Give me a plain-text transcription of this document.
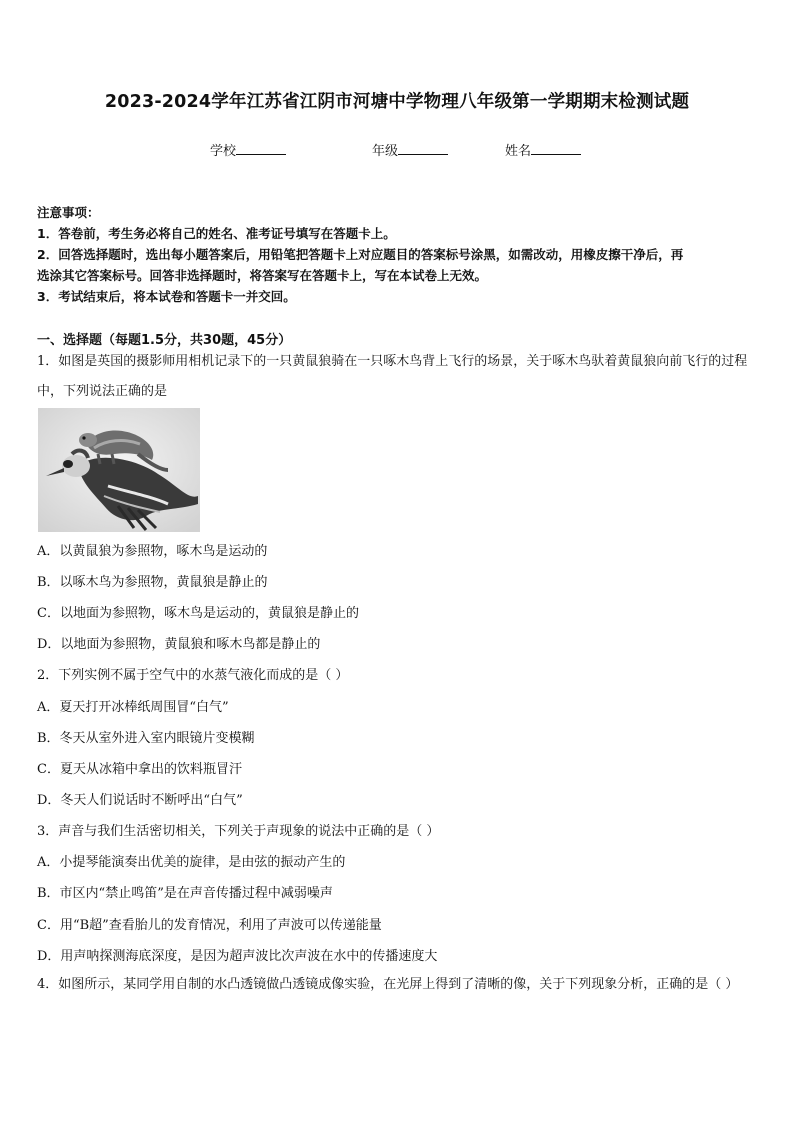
2023-2024学年江苏省江阴市河塘中学物理八年级第一学期期末检测试题
学校	年级	姓名
注意事项：
1．答卷前，考生务必将自己的姓名、准考证号填写在答题卡上。
2．回答选择题时，选出每小题答案后，用铅笔把答题卡上对应题目的答案标号涂黑，如需改动，用橡皮擦干净后，再
选涂其它答案标号。回答非选择题时，将答案写在答题卡上，写在本试卷上无效。
3．考试结束后，将本试卷和答题卡一并交回。
一、选择题（每题1.5分，共30题，45分）
1．如图是英国的摄影师用相机记录下的一只黄鼠狼骑在一只啄木鸟背上飞行的场景，关于啄木鸟驮着黄鼠狼向前飞行的过程中，下列说法正确的是
A．以黄鼠狼为参照物，啄木鸟是运动的
B．以啄木鸟为参照物，黄鼠狼是静止的
C．以地面为参照物，啄木鸟是运动的，黄鼠狼是静止的
D．以地面为参照物，黄鼠狼和啄木鸟都是静止的
2．下列实例不属于空气中的水蒸气液化而成的是（ ）
A．夏天打开冰棒纸周围冒“白气”
B．冬天从室外进入室内眼镜片变模糊
C．夏天从冰箱中拿出的饮料瓶冒汗
D．冬天人们说话时不断呼出“白气”
3．声音与我们生活密切相关，下列关于声现象的说法中正确的是（ ）
A．小提琴能演奏出优美的旋律，是由弦的振动产生的
B．市区内“禁止鸣笛”是在声音传播过程中减弱噪声
C．用“B超”查看胎儿的发育情况，利用了声波可以传递能量
D．用声呐探测海底深度，是因为超声波比次声波在水中的传播速度大
4．如图所示，某同学用自制的水凸透镜做凸透镜成像实验，在光屏上得到了清晰的像，关于下列现象分析，正确的是（ ）
